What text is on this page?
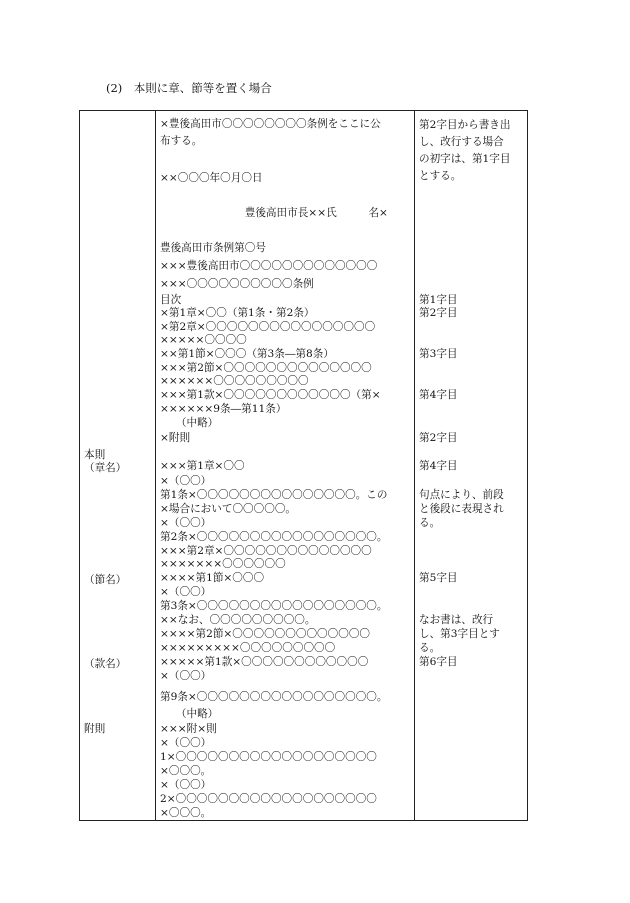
(2)　本則に章、節等を置く場合
本則
（章名）
（節名）
（款名）
附則
×豊後高田市〇〇〇〇〇〇〇〇条例をここに公
布する。
××〇〇〇年〇月〇日
　　　　　　　　豊後高田市長××氏　　　名×
豊後高田市条例第〇号
×××豊後高田市〇〇〇〇〇〇〇〇〇〇〇〇〇
×××〇〇〇〇〇〇〇〇〇〇条例
目次
×第1章×〇〇（第1条・第2条）
×第2章×〇〇〇〇〇〇〇〇〇〇〇〇〇〇〇〇
×××××〇〇〇〇
××第1節×〇〇〇（第3条―第8条）
×××第2節×〇〇〇〇〇〇〇〇〇〇〇〇〇〇
××××××〇〇〇〇〇〇〇〇〇
×××第1款×〇〇〇〇〇〇〇〇〇〇〇〇（第×
××××××9条―第11条）
　　（中略）
×附則
×××第1章×〇〇
×（〇〇）
第1条×〇〇〇〇〇〇〇〇〇〇〇〇〇〇〇。この
×場合において〇〇〇〇〇。
×（〇〇）
第2条×〇〇〇〇〇〇〇〇〇〇〇〇〇〇〇〇〇。
×××第2章×〇〇〇〇〇〇〇〇〇〇〇〇〇〇
×××××××〇〇〇〇〇〇
××××第1節×〇〇〇
×（〇〇）
第3条×〇〇〇〇〇〇〇〇〇〇〇〇〇〇〇〇〇。
××なお、〇〇〇〇〇〇〇〇〇。
××××第2節×〇〇〇〇〇〇〇〇〇〇〇〇〇
×××××××××〇〇〇〇〇〇〇〇〇
×××××第1款×〇〇〇〇〇〇〇〇〇〇〇〇
×（〇〇）
第9条×〇〇〇〇〇〇〇〇〇〇〇〇〇〇〇〇〇。
　　（中略）
×××附×則
×（〇〇）
1×〇〇〇〇〇〇〇〇〇〇〇〇〇〇〇〇〇〇〇
×〇〇〇。
×（〇〇）
2×〇〇〇〇〇〇〇〇〇〇〇〇〇〇〇〇〇〇〇
×〇〇〇。
第2字目から書き出
し、改行する場合
の初字は、第1字目
とする。
第1字目
第2字目
第3字目
第4字目
第2字目
第4字目
句点により、前段
と後段に表現され
る。
第5字目
なお書は、改行
し、第3字目とす
る。
第6字目
